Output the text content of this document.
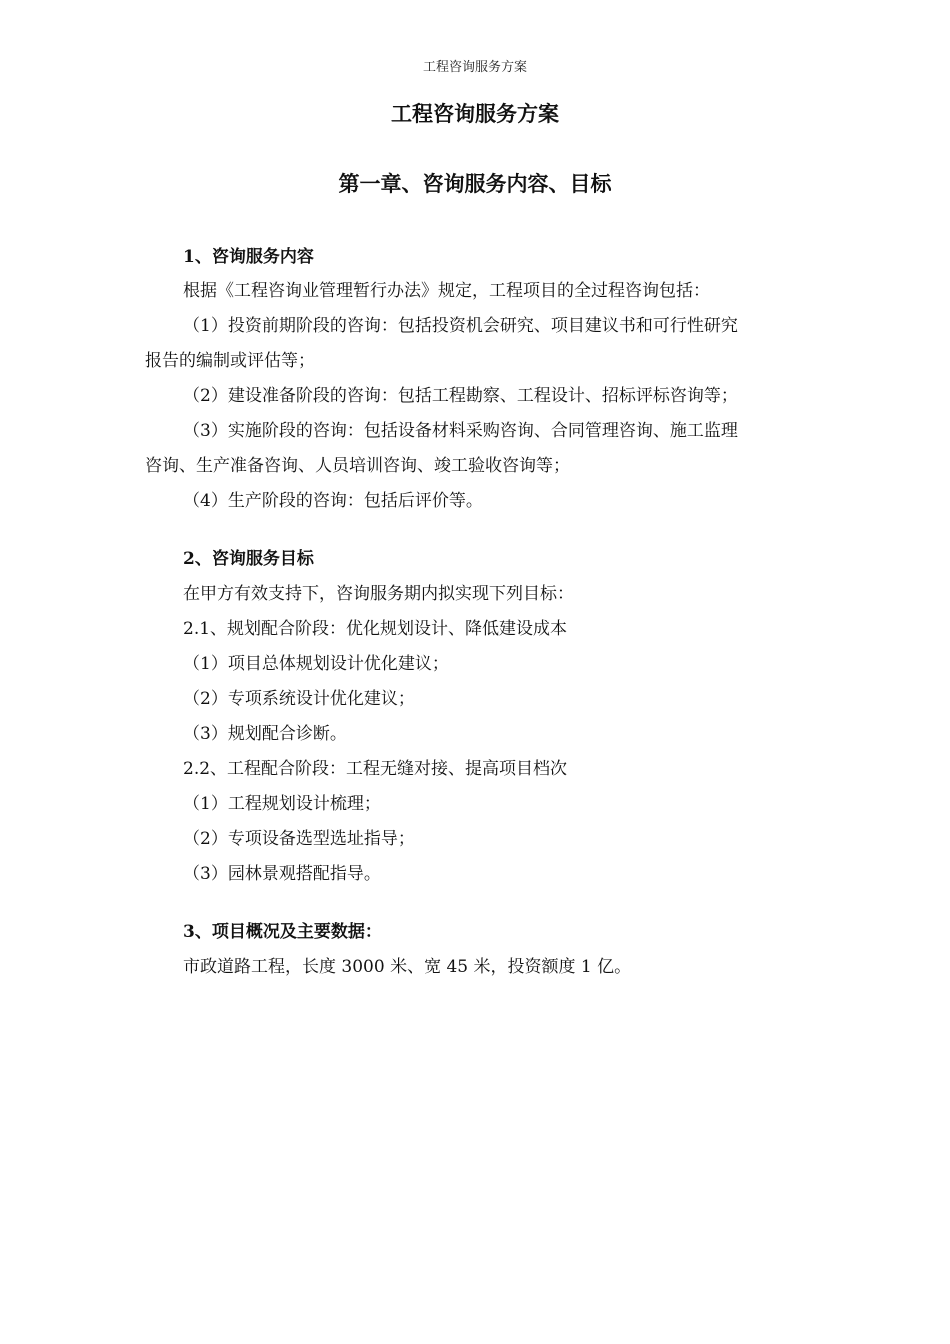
工程咨询服务方案
工程咨询服务方案
第一章、咨询服务内容、目标
1、咨询服务内容
根据《工程咨询业管理暂行办法》规定，工程项目的全过程咨询包括：
（1）投资前期阶段的咨询：包括投资机会研究、项目建议书和可行性研究
报告的编制或评估等；
（2）建设准备阶段的咨询：包括工程勘察、工程设计、招标评标咨询等；
（3）实施阶段的咨询：包括设备材料采购咨询、合同管理咨询、施工监理
咨询、生产准备咨询、人员培训咨询、竣工验收咨询等；
（4）生产阶段的咨询：包括后评价等。
2、咨询服务目标
在甲方有效支持下，咨询服务期内拟实现下列目标：
2.1、规划配合阶段：优化规划设计、降低建设成本
（1）项目总体规划设计优化建议；
（2）专项系统设计优化建议；
（3）规划配合诊断。
2.2、工程配合阶段：工程无缝对接、提高项目档次
（1）工程规划设计梳理；
（2）专项设备选型选址指导；
（3）园林景观搭配指导。
3、项目概况及主要数据：
市政道路工程，长度 3000 米、宽 45 米，投资额度 1 亿。
